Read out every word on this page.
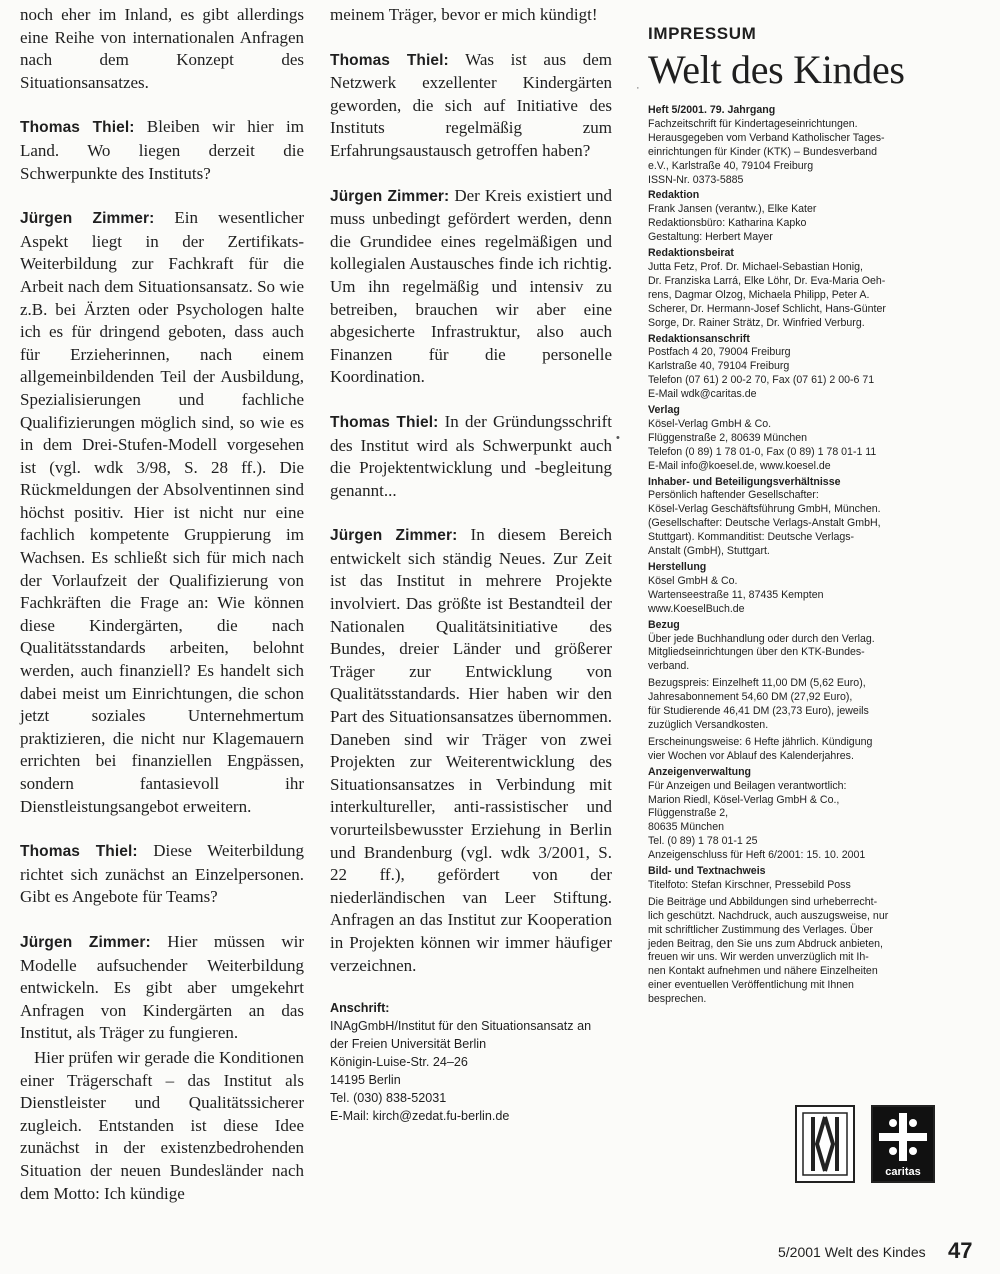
noch eher im Inland, es gibt allerdings eine Reihe von internationalen Anfragen nach dem Konzept des Situationsansatzes.

Thomas Thiel: Bleiben wir hier im Land. Wo liegen derzeit die Schwerpunkte des Instituts?

Jürgen Zimmer: Ein wesentlicher Aspekt liegt in der Zertifikats-Weiterbildung zur Fachkraft für die Arbeit nach dem Situationsansatz. So wie z.B. bei Ärzten oder Psychologen halte ich es für dringend geboten, dass auch für Erzieherinnen, nach einem allgemeinbildenden Teil der Ausbildung, Spezialisierungen und fachliche Qualifizierungen möglich sind, so wie es in dem Drei-Stufen-Modell vorgesehen ist (vgl. wdk 3/98, S. 28 ff.). Die Rückmeldungen der Absolventinnen sind höchst positiv. Hier ist nicht nur eine fachlich kompetente Gruppierung im Wachsen. Es schließt sich für mich nach der Vorlaufzeit der Qualifizierung von Fachkräften die Frage an: Wie können diese Kindergärten, die nach Qualitätsstandards arbeiten, belohnt werden, auch finanziell? Es handelt sich dabei meist um Einrichtungen, die schon jetzt soziales Unternehmertum praktizieren, die nicht nur Klagemauern errichten bei finanziellen Engpässen, sondern fantasievoll ihr Dienstleistungsangebot erweitern.

Thomas Thiel: Diese Weiterbildung richtet sich zunächst an Einzelpersonen. Gibt es Angebote für Teams?

Jürgen Zimmer: Hier müssen wir Modelle aufsuchender Weiterbildung entwickeln. Es gibt aber umgekehrt Anfragen von Kindergärten an das Institut, als Träger zu fungieren.

Hier prüfen wir gerade die Konditionen einer Trägerschaft – das Institut als Dienstleister und Qualitätssicherer zugleich. Entstanden ist diese Idee zunächst in der existenzbedrohenden Situation der neuen Bundesländer nach dem Motto: Ich kündige

meinem Träger, bevor er mich kündigt!

Thomas Thiel: Was ist aus dem Netzwerk exzellenter Kindergärten geworden, die sich auf Initiative des Instituts regelmäßig zum Erfahrungsaustausch getroffen haben?

Jürgen Zimmer: Der Kreis existiert und muss unbedingt gefördert werden, denn die Grundidee eines regelmäßigen und kollegialen Austausches finde ich richtig. Um ihn regelmäßig und intensiv zu betreiben, brauchen wir aber eine abgesicherte Infrastruktur, also auch Finanzen für die personelle Koordination.

Thomas Thiel: In der Gründungsschrift des Institut wird als Schwerpunkt auch die Projektentwicklung und -begleitung genannt...

Jürgen Zimmer: In diesem Bereich entwickelt sich ständig Neues. Zur Zeit ist das Institut in mehrere Projekte involviert. Das größte ist Bestandteil der Nationalen Qualitätsinitiative des Bundes, dreier Länder und größerer Träger zur Entwicklung von Qualitätsstandards. Hier haben wir den Part des Situationsansatzes übernommen. Daneben sind wir Träger von zwei Projekten zur Weiterentwicklung des Situationsansatzes in Verbindung mit interkultureller, anti-rassistischer und vorurteilsbewusster Erziehung in Berlin und Brandenburg (vgl. wdk 3/2001, S. 22 ff.), gefördert von der niederländischen van Leer Stiftung. Anfragen an das Institut zur Kooperation in Projekten können wir immer häufiger verzeichnen.

Anschrift:
INAgGmbH/Institut für den Situationsansatz an der Freien Universität Berlin
Königin-Luise-Str. 24–26
14195 Berlin
Tel. (030) 838-52031
E-Mail: kirch@zedat.fu-berlin.de
IMPRESSUM
Welt des Kindes
Heft 5/2001. 79. Jahrgang
Fachzeitschrift für Kindertageseinrichtungen.
Herausgegeben vom Verband Katholischer Tages-
einrichtungen für Kinder (KTK) – Bundesverband
e.V., Karlstraße 40, 79104 Freiburg
ISSN-Nr. 0373-5885
Redaktion
Frank Jansen (verantw.), Elke Kater
Redaktionsbüro: Katharina Kapko
Gestaltung: Herbert Mayer
Redaktionsbeirat
Jutta Fetz, Prof. Dr. Michael-Sebastian Honig,
Dr. Franziska Larrá, Elke Löhr, Dr. Eva-Maria Oeh-
rens, Dagmar Olzog, Michaela Philipp, Peter A.
Scherer, Dr. Hermann-Josef Schlicht, Hans-Günter
Sorge, Dr. Rainer Strätz, Dr. Winfried Verburg.
Redaktionsanschrift
Postfach 4 20, 79004 Freiburg
Karlstraße 40, 79104 Freiburg
Telefon (07 61) 2 00-2 70, Fax (07 61) 2 00-6 71
E-Mail wdk@caritas.de
Verlag
Kösel-Verlag GmbH & Co.
Flüggenstraße 2, 80639 München
Telefon (0 89) 1 78 01-0, Fax (0 89) 1 78 01-1 11
E-Mail info@koesel.de, www.koesel.de
Inhaber- und Beteiligungsverhältnisse
Persönlich haftender Gesellschafter:
Kösel-Verlag Geschäftsführung GmbH, München.
(Gesellschafter: Deutsche Verlags-Anstalt GmbH,
Stuttgart). Kommanditist: Deutsche Verlags-
Anstalt (GmbH), Stuttgart.
Herstellung
Kösel GmbH & Co.
Wartenseestraße 11, 87435 Kempten
www.KoeselBuch.de
Bezug
Über jede Buchhandlung oder durch den Verlag.
Mitgliedseinrichtungen über den KTK-Bundes-
verband.
Bezugspreis: Einzelheft 11,00 DM (5,62 Euro),
Jahresabonnement 54,60 DM (27,92 Euro),
für Studierende 46,41 DM (23,73 Euro), jeweils
zuzüglich Versandkosten.
Erscheinungsweise: 6 Hefte jährlich. Kündigung
vier Wochen vor Ablauf des Kalenderjahres.
Anzeigenverwaltung
Für Anzeigen und Beilagen verantwortlich:
Marion Riedl, Kösel-Verlag GmbH & Co.,
Flüggenstraße 2,
80635 München
Tel. (0 89) 1 78 01-1 25
Anzeigenschluss für Heft 6/2001: 15. 10. 2001
Bild- und Textnachweis
Titelfoto: Stefan Kirschner, Pressebild Poss
Die Beiträge und Abbildungen sind urheberrecht-
lich geschützt. Nachdruck, auch auszugsweise, nur
mit schriftlicher Zustimmung des Verlages. Über
jeden Beitrag, den Sie uns zum Abdruck anbieten,
freuen wir uns. Wir werden unverzüglich mit Ih-
nen Kontakt aufnehmen und nähere Einzelheiten
einer eventuellen Veröffentlichung mit Ihnen
besprechen.
caritas
5/2001 Welt des Kindes 47
•
·
